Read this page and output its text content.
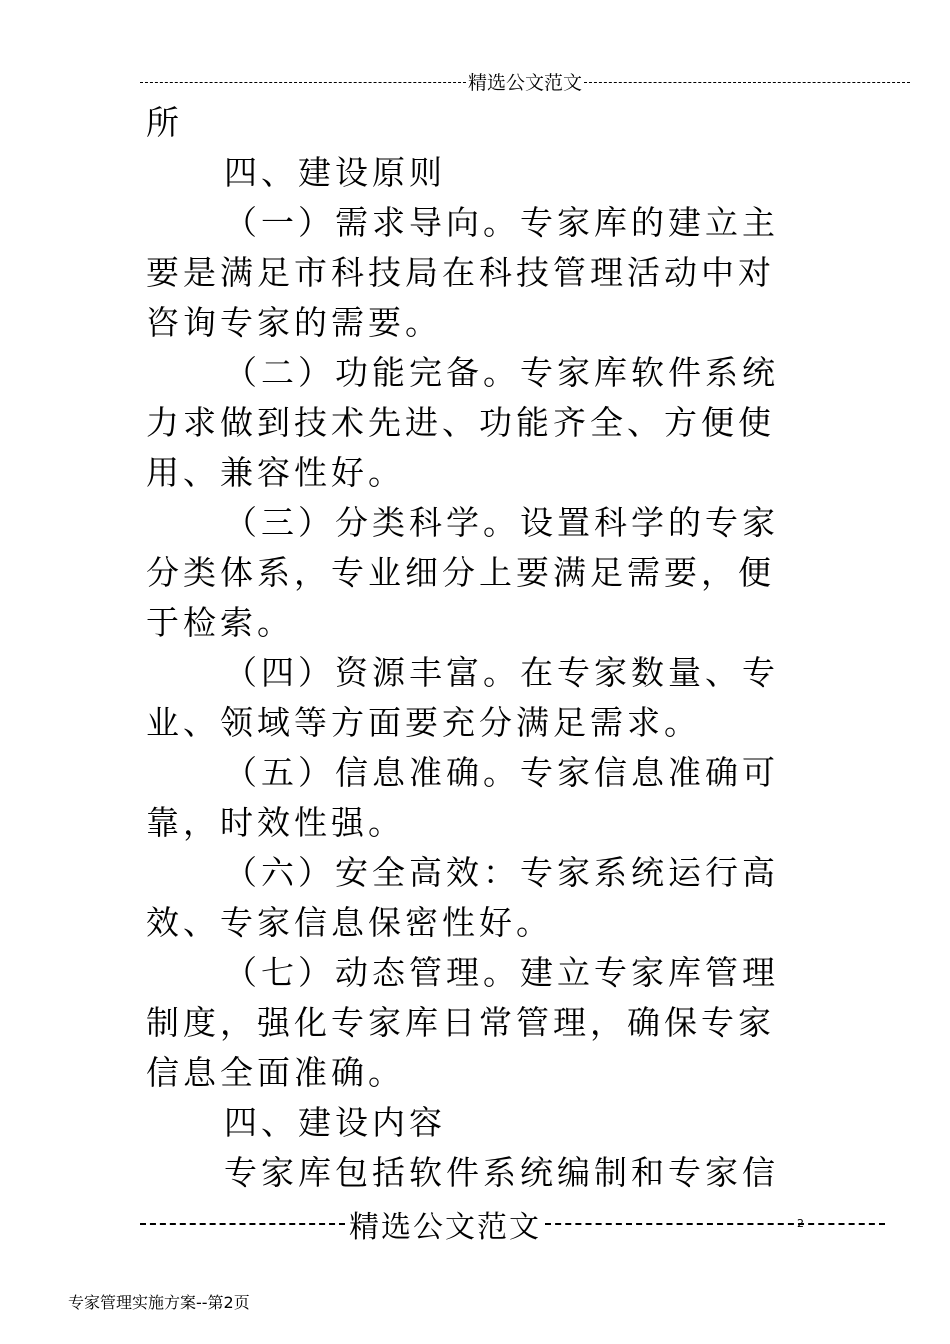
精选公文范文
所
四、建设原则
（一）需求导向。专家库的建立主
要是满足市科技局在科技管理活动中对
咨询专家的需要。
（二）功能完备。专家库软件系统
力求做到技术先进、功能齐全、方便使
用、兼容性好。
（三）分类科学。设置科学的专家
分类体系，专业细分上要满足需要，便
于检索。
（四）资源丰富。在专家数量、专
业、领域等方面要充分满足需求。
（五）信息准确。专家信息准确可
靠，时效性强。
（六）安全高效：专家系统运行高
效、专家信息保密性好。
（七）动态管理。建立专家库管理
制度，强化专家库日常管理，确保专家
信息全面准确。
四、建设内容
专家库包括软件系统编制和专家信
精选公文范文	2
专家管理实施方案--第2页
